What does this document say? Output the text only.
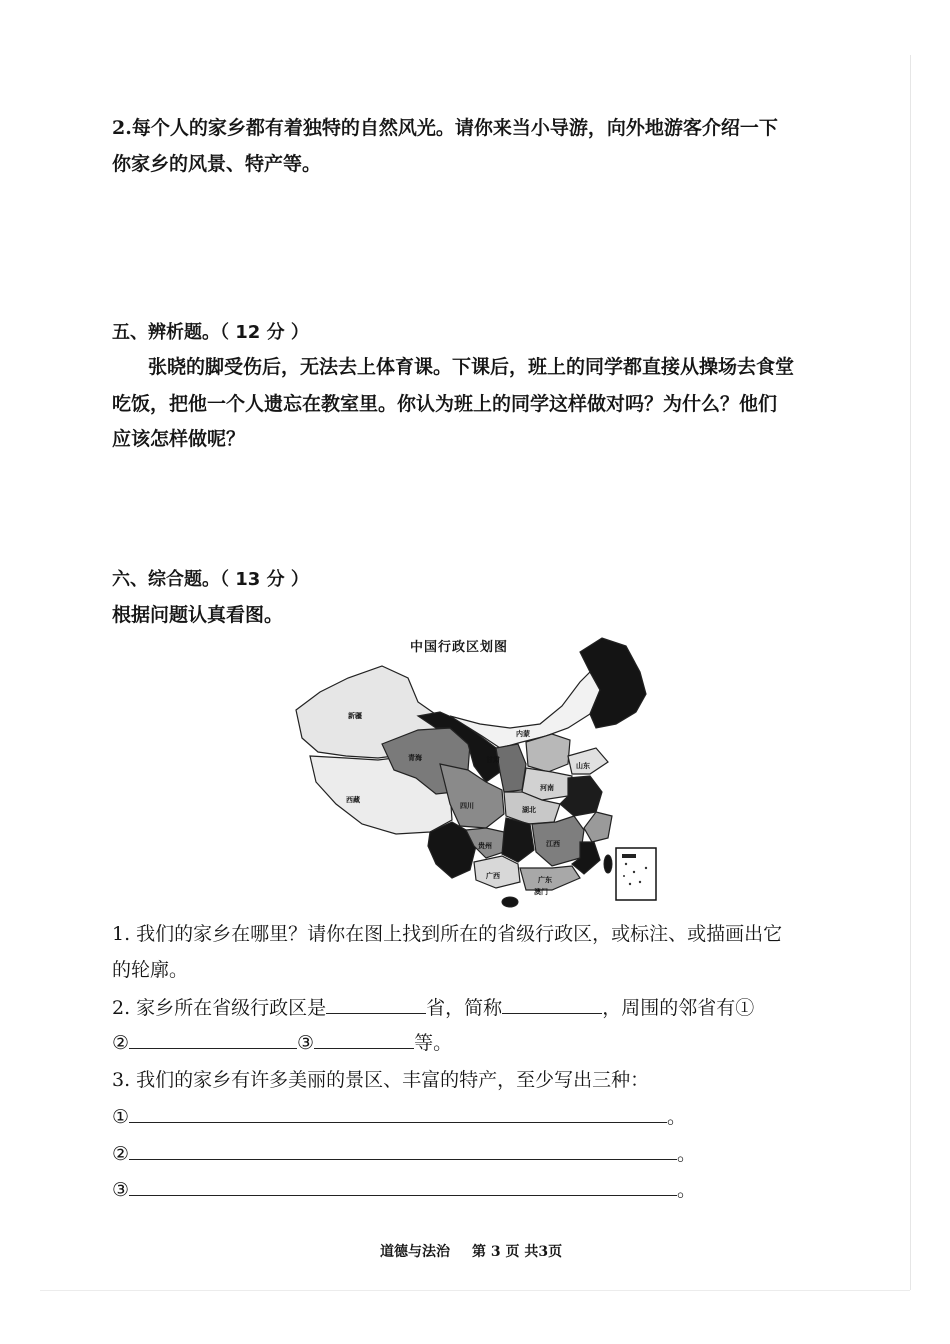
2.每个人的家乡都有着独特的自然风光。请你来当小导游，向外地游客介绍一下
你家乡的风景、特产等。
五、辨析题。（ 12 分 ）
张晓的脚受伤后，无法去上体育课。下课后，班上的同学都直接从操场去食堂
吃饭，把他一个人遗忘在教室里。你认为班上的同学这样做对吗？为什么？他们
应该怎样做呢？
六、综合题。（ 13 分 ）
根据问题认真看图。
中国行政区划图
新疆
西藏
青海	甘肃
内蒙
四川
河南
山东
湖北
贵州	江西
广西	广东
澳门
1. 我们的家乡在哪里？请你在图上找到所在的省级行政区，或标注、或描画出它
的轮廓。
2. 家乡所在省级行政区是	省，简称	，周围的邻省有①
②	③	等。
3. 我们的家乡有许多美丽的景区、丰富的特产，至少写出三种：
①	。
②	。
③	。
道德与法治 第 3 页 共3页
